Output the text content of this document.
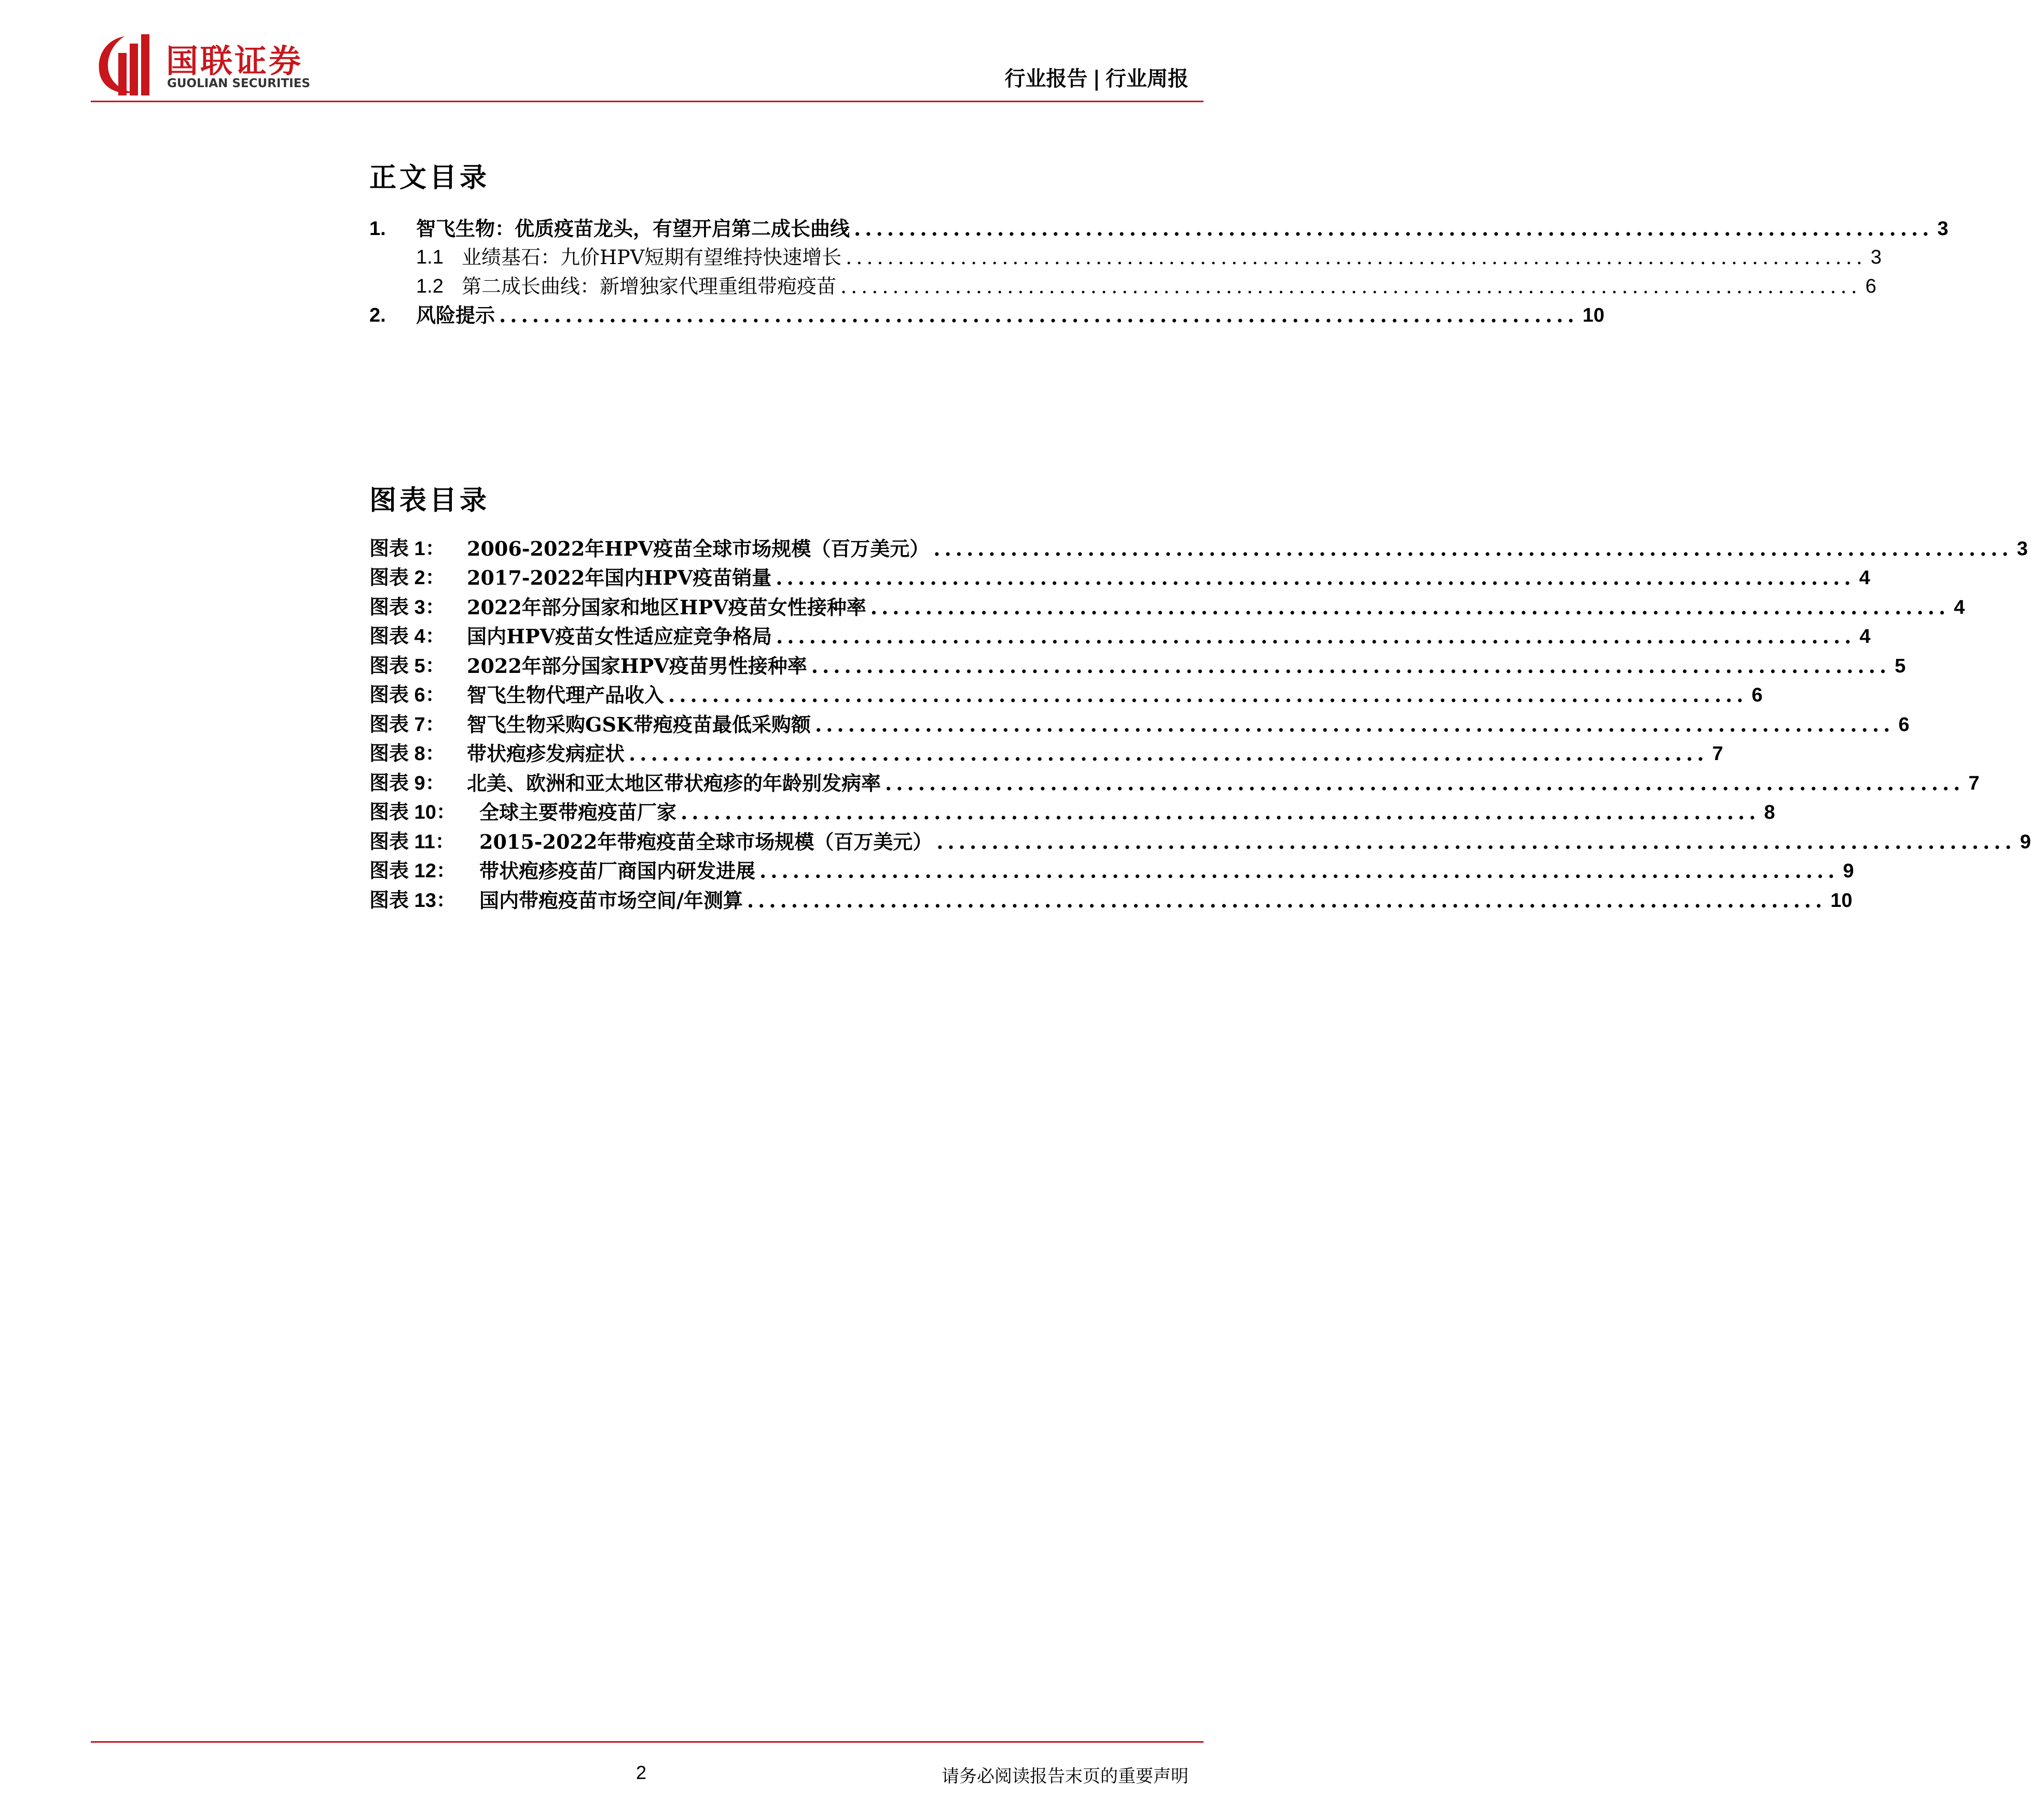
国联证券
GUOLIAN SECURITIES	行业报告 | 行业周报
正文目录
1.	智飞生物：优质疫苗龙头，有望开启第二成长曲线 .................................................................................................. 3
1.1 业绩基石：九价HPV短期有望维持快速增长 .................................................................................................. 3
1.2 第二成长曲线：新增独家代理重组带疱疫苗 .................................................................................................. 6
2.	风险提示 .................................................................................................. 10
图表目录
图表 1：	2006-2022年HPV疫苗全球市场规模（百万美元） .................................................................................................. 3
图表 2：	2017-2022年国内HPV疫苗销量 .................................................................................................. 4
图表 3：	2022年部分国家和地区HPV疫苗女性接种率 .................................................................................................. 4
图表 4：	国内HPV疫苗女性适应症竞争格局 .................................................................................................. 4
图表 5：	2022年部分国家HPV疫苗男性接种率 .................................................................................................. 5
图表 6：	智飞生物代理产品收入 .................................................................................................. 6
图表 7：	智飞生物采购GSK带疱疫苗最低采购额 .................................................................................................. 6
图表 8：	带状疱疹发病症状 .................................................................................................. 7
图表 9：	北美、欧洲和亚太地区带状疱疹的年龄别发病率 .................................................................................................. 7
图表 10：	全球主要带疱疫苗厂家 .................................................................................................. 8
图表 11：	2015-2022年带疱疫苗全球市场规模（百万美元） .................................................................................................. 9
图表 12：	带状疱疹疫苗厂商国内研发进展 .................................................................................................. 9
图表 13：	国内带疱疫苗市场空间/年测算 .................................................................................................. 10
2	请务必阅读报告末页的重要声明
